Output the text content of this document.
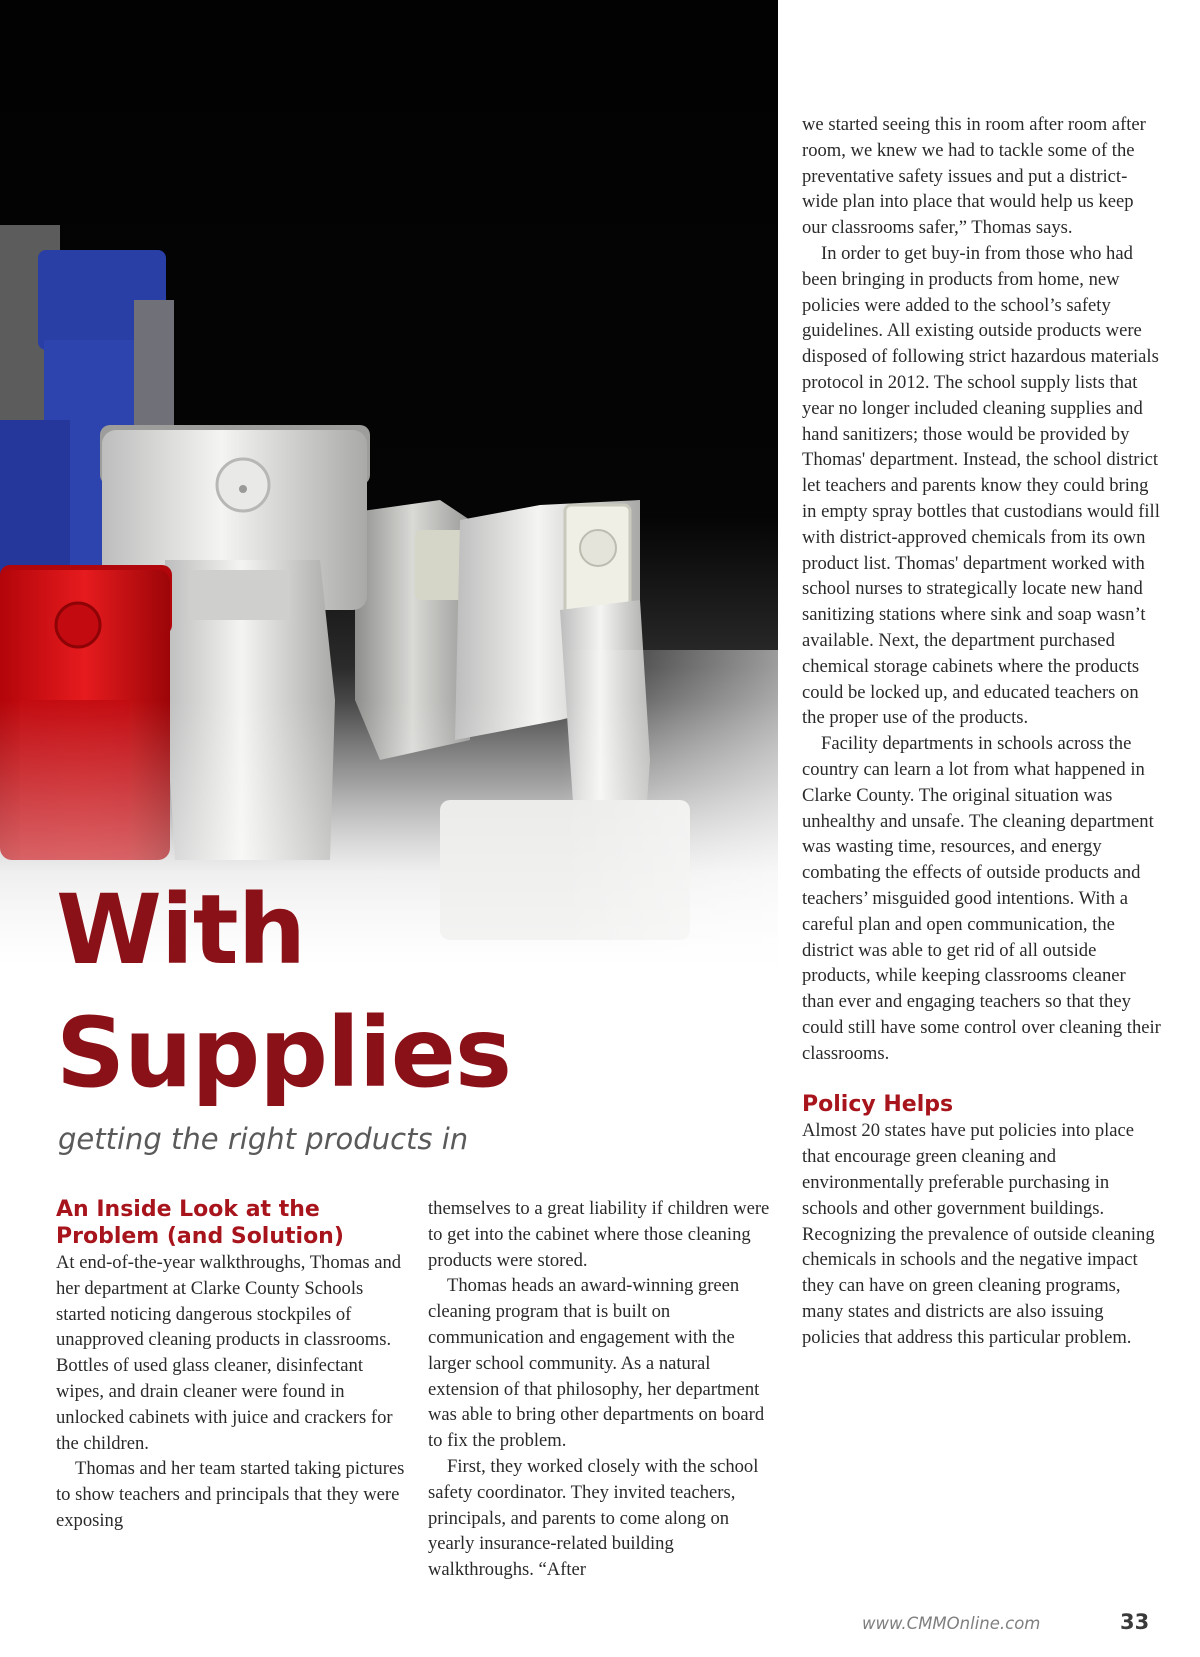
With
Supplies

getting the right products in

An Inside Look at the Problem (and Solution)

At end-of-the-year walkthroughs, Thomas and her department at Clarke County Schools started noticing dangerous stockpiles of unapproved cleaning products in classrooms. Bottles of used glass cleaner, disinfectant wipes, and drain cleaner were found in unlocked cabinets with juice and crackers for the children.

Thomas and her team started taking pictures to show teachers and principals that they were exposing

themselves to a great liability if children were to get into the cabinet where those cleaning products were stored.

Thomas heads an award-winning green cleaning program that is built on communication and engagement with the larger school community. As a natural extension of that philosophy, her department was able to bring other departments on board to fix the problem.

First, they worked closely with the school safety coordinator. They invited teachers, principals, and parents to come along on yearly insurance-related building walkthroughs. “After

we started seeing this in room after room after room, we knew we had to tackle some of the preventative safety issues and put a district-wide plan into place that would help us keep our classrooms safer,” Thomas says.

In order to get buy-in from those who had been bringing in products from home, new policies were added to the school’s safety guidelines. All existing outside products were disposed of following strict hazardous materials protocol in 2012. The school supply lists that year no longer included cleaning supplies and hand sanitizers; those would be provided by Thomas' department. Instead, the school district let teachers and parents know they could bring in empty spray bottles that custodians would fill with district-approved chemicals from its own product list. Thomas' department worked with school nurses to strategically locate new hand sanitizing stations where sink and soap wasn’t available. Next, the department purchased chemical storage cabinets where the products could be locked up, and educated teachers on the proper use of the products.

Facility departments in schools across the country can learn a lot from what happened in Clarke County. The original situation was unhealthy and unsafe. The cleaning department was wasting time, resources, and energy combating the effects of outside products and teachers’ misguided good intentions. With a careful plan and open communication, the district was able to get rid of all outside products, while keeping classrooms cleaner than ever and engaging teachers so that they could still have some control over cleaning their classrooms.

Policy Helps

Almost 20 states have put policies into place that encourage green cleaning and environmentally preferable purchasing in schools and other government buildings. Recognizing the prevalence of outside cleaning chemicals in schools and the negative impact they can have on green cleaning programs, many states and districts are also issuing policies that address this particular problem.

www.CMMOnline.com	33
